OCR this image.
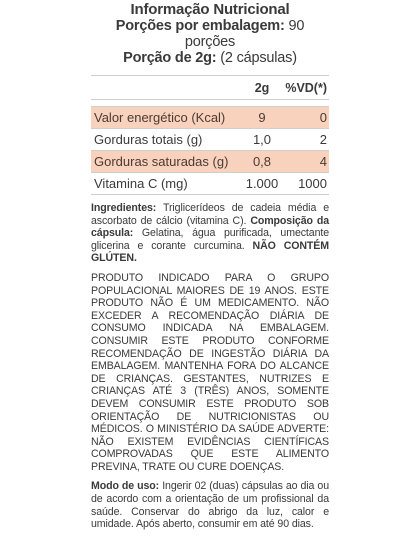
Informação Nutricional
Porções por embalagem: 90 porções
Porção de 2g: (2 cápsulas)
2g	%VD(*)
Valor energético (Kcal)	9	0
Gorduras totais (g)	1,0	2
Gorduras saturadas (g)	0,8	4
Vitamina C (mg)	1.000	1000
Ingredientes: Triglicerídeos de cadeia média e ascorbato de cálcio (vitamina C). Composição da cápsula: Gelatina, água purificada, umectante glicerina e corante curcumina. NÃO CONTÉM GLÚTEN.
PRODUTO INDICADO PARA O GRUPO POPULACIONAL MAIORES DE 19 ANOS. ESTE PRODUTO NÃO É UM MEDICAMENTO. NÃO EXCEDER A RECOMENDAÇÃO DIÁRIA DE CONSUMO INDICADA NA EMBALAGEM. CONSUMIR ESTE PRODUTO CONFORME RECOMENDAÇÃO DE INGESTÃO DIÁRIA DA EMBALAGEM. MANTENHA FORA DO ALCANCE DE CRIANÇAS. GESTANTES, NUTRIZES E CRIANÇAS ATÉ 3 (TRÊS) ANOS, SOMENTE DEVEM CONSUMIR ESTE PRODUTO SOB ORIENTAÇÃO DE NUTRICIONISTAS OU MÉDICOS. O MINISTÉRIO DA SAÚDE ADVERTE: NÃO EXISTEM EVIDÊNCIAS CIENTÍFICAS COMPROVADAS QUE ESTE ALIMENTO PREVINA, TRATE OU CURE DOENÇAS.
Modo de uso: Ingerir 02 (duas) cápsulas ao dia ou de acordo com a orientação de um profissional da saúde. Conservar do abrigo da luz, calor e umidade. Após aberto, consumir em até 90 dias.
